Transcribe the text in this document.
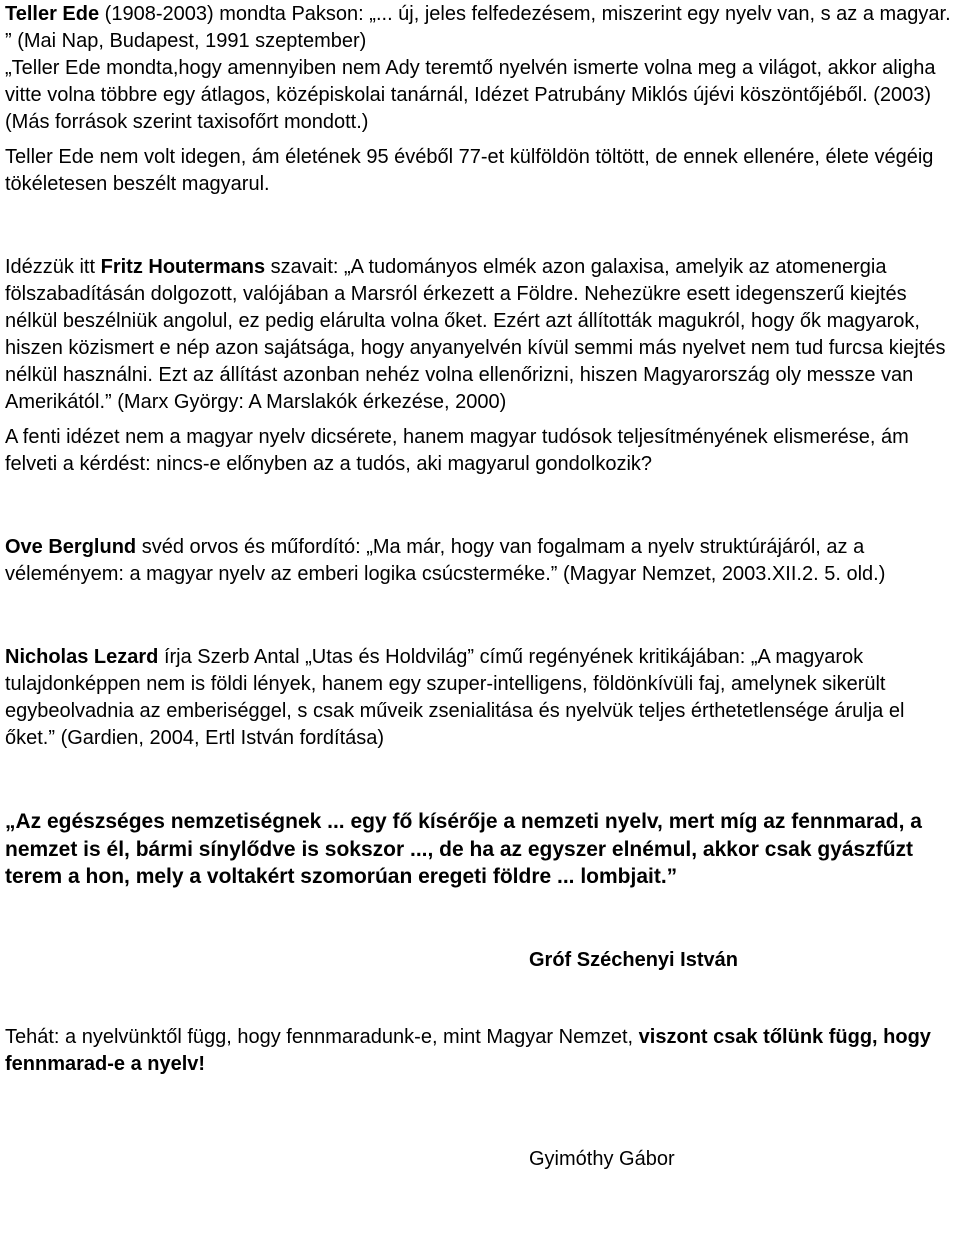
Teller Ede (1908-2003) mondta Pakson: „... új, jeles felfedezésem, miszerint egy nyelv van, s az a magyar. ” (Mai Nap, Budapest, 1991 szeptember)

„Teller Ede mondta,hogy amennyiben nem Ady teremtő nyelvén ismerte volna meg a világot, akkor aligha vitte volna többre egy átlagos, középiskolai tanárnál, Idézet Patrubány Miklós újévi köszöntőjéből. (2003) (Más források szerint taxisofőrt mondott.)

Teller Ede nem volt idegen, ám életének 95 évéből 77-et külföldön töltött, de ennek ellenére, élete végéig tökéletesen beszélt magyarul.

Idézzük itt Fritz Houtermans szavait: „A tudományos elmék azon galaxisa, amelyik az atomenergia fölszabadításán dolgozott, valójában a Marsról érkezett a Földre. Nehezükre esett idegenszerű kiejtés nélkül beszélniük angolul, ez pedig elárulta volna őket. Ezért azt állították magukról, hogy ők magyarok, hiszen közismert e nép azon sajátsága, hogy anyanyelvén kívül semmi más nyelvet nem tud furcsa kiejtés nélkül használni. Ezt az állítást azonban nehéz volna ellenőrizni, hiszen Magyarország oly messze van Amerikától.” (Marx György: A Marslakók érkezése, 2000)

A fenti idézet nem a magyar nyelv dicsérete, hanem magyar tudósok teljesítményének elismerése, ám felveti a kérdést: nincs-e előnyben az a tudós, aki magyarul gondolkozik?

Ove Berglund svéd orvos és műfordító: „Ma már, hogy van fogalmam a nyelv struktúrájáról, az a véleményem: a magyar nyelv az emberi logika csúcsterméke.” (Magyar Nemzet, 2003.XII.2. 5. old.)

Nicholas Lezard írja Szerb Antal „Utas és Holdvilág” című regényének kritikájában: „A magyarok tulajdonképpen nem is földi lények, hanem egy szuper-intelligens, földönkívüli faj, amelynek sikerült egybeolvadnia az emberiséggel, s csak műveik zsenialitása és nyelvük teljes érthetetlensége árulja el őket.” (Gardien, 2004, Ertl István fordítása)

„Az egészséges nemzetiségnek ... egy fő kísérője a nemzeti nyelv, mert míg az fennmarad, a nemzet is él, bármi sínylődve is sokszor ..., de ha az egyszer elnémul, akkor csak gyászfűzt terem a hon, mely a voltakért szomorúan eregeti földre ... lombjait.”

Gróf Széchenyi István

Tehát: a nyelvünktől függ, hogy fennmaradunk-e, mint Magyar Nemzet, viszont csak tőlünk függ, hogy fennmarad-e a nyelv!

Gyimóthy Gábor
